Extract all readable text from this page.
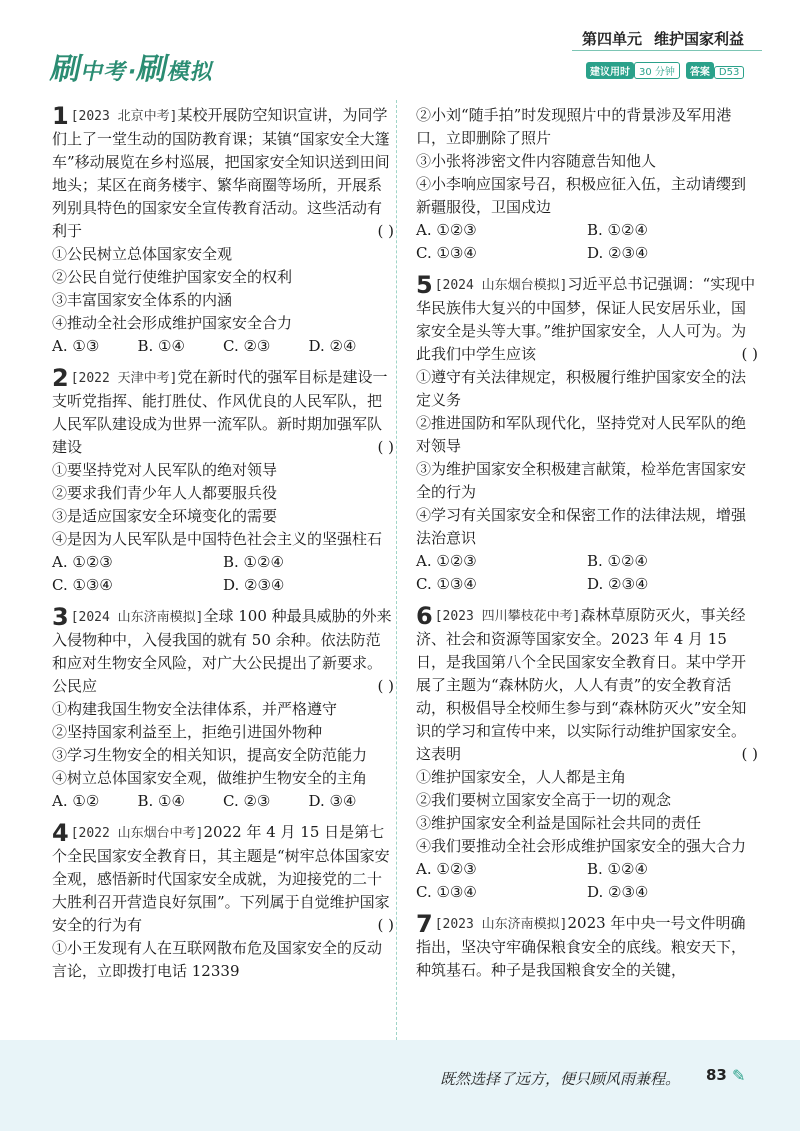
刷中考·刷模拟
第四单元 维护国家利益
建议用时 30 分钟 答案 D53
1 [2023 北京中考]某校开展防空知识宣讲，为同学们上了一堂生动的国防教育课；某镇“国家安全大篷车”移动展览在乡村巡展，把国家安全知识送到田间地头；某区在商务楼宇、繁华商圈等场所，开展系列别具特色的国家安全宣传教育活动。这些活动有利于	( )

①公民树立总体国家安全观

②公民自觉行使维护国家安全的权利

③丰富国家安全体系的内涵

④推动全社会形成维护国家安全合力

A. ①③	B. ①④	C. ②③	D. ②④
2 [2022 天津中考]党在新时代的强军目标是建设一支听党指挥、能打胜仗、作风优良的人民军队，把人民军队建设成为世界一流军队。新时期加强军队建设	( )

①要坚持党对人民军队的绝对领导

②要求我们青少年人人都要服兵役

③是适应国家安全环境变化的需要

④是因为人民军队是中国特色社会主义的坚强柱石

A. ①②③	B. ①②④
C. ①③④	D. ②③④
3 [2024 山东济南模拟]全球 100 种最具威胁的外来入侵物种中，入侵我国的就有 50 余种。依法防范和应对生物安全风险，对广大公民提出了新要求。公民应	( )

①构建我国生物安全法律体系，并严格遵守

②坚持国家利益至上，拒绝引进国外物种

③学习生物安全的相关知识，提高安全防范能力

④树立总体国家安全观，做维护生物安全的主角

A. ①②	B. ①④	C. ②③	D. ③④
4 [2022 山东烟台中考]2022 年 4 月 15 日是第七个全民国家安全教育日，其主题是“树牢总体国家安全观，感悟新时代国家安全成就，为迎接党的二十大胜利召开营造良好氛围”。下列属于自觉维护国家安全的行为有	( )

①小王发现有人在互联网散布危及国家安全的反动言论，立即拨打电话 12339

②小刘“随手拍”时发现照片中的背景涉及军用港口，立即删除了照片

③小张将涉密文件内容随意告知他人

④小李响应国家号召，积极应征入伍，主动请缨到新疆服役，卫国戍边

A. ①②③	B. ①②④
C. ①③④	D. ②③④
5 [2024 山东烟台模拟]习近平总书记强调：“实现中华民族伟大复兴的中国梦，保证人民安居乐业，国家安全是头等大事。”维护国家安全，人人可为。为此我们中学生应该	( )

①遵守有关法律规定，积极履行维护国家安全的法定义务

②推进国防和军队现代化，坚持党对人民军队的绝对领导

③为维护国家安全积极建言献策，检举危害国家安全的行为

④学习有关国家安全和保密工作的法律法规，增强法治意识

A. ①②③	B. ①②④
C. ①③④	D. ②③④
6 [2023 四川攀枝花中考]森林草原防灭火，事关经济、社会和资源等国家安全。2023 年 4 月 15 日，是我国第八个全民国家安全教育日。某中学开展了主题为“森林防火，人人有责”的安全教育活动，积极倡导全校师生参与到“森林防灭火”安全知识的学习和宣传中来，以实际行动维护国家安全。这表明	( )

①维护国家安全，人人都是主角

②我们要树立国家安全高于一切的观念

③维护国家安全利益是国际社会共同的责任

④我们要推动全社会形成维护国家安全的强大合力

A. ①②③	B. ①②④
C. ①③④	D. ②③④
7 [2023 山东济南模拟]2023 年中央一号文件明确指出，坚决守牢确保粮食安全的底线。粮安天下，种筑基石。种子是我国粮食安全的关键，
既然选择了远方，便只顾风雨兼程。 83 ✎
